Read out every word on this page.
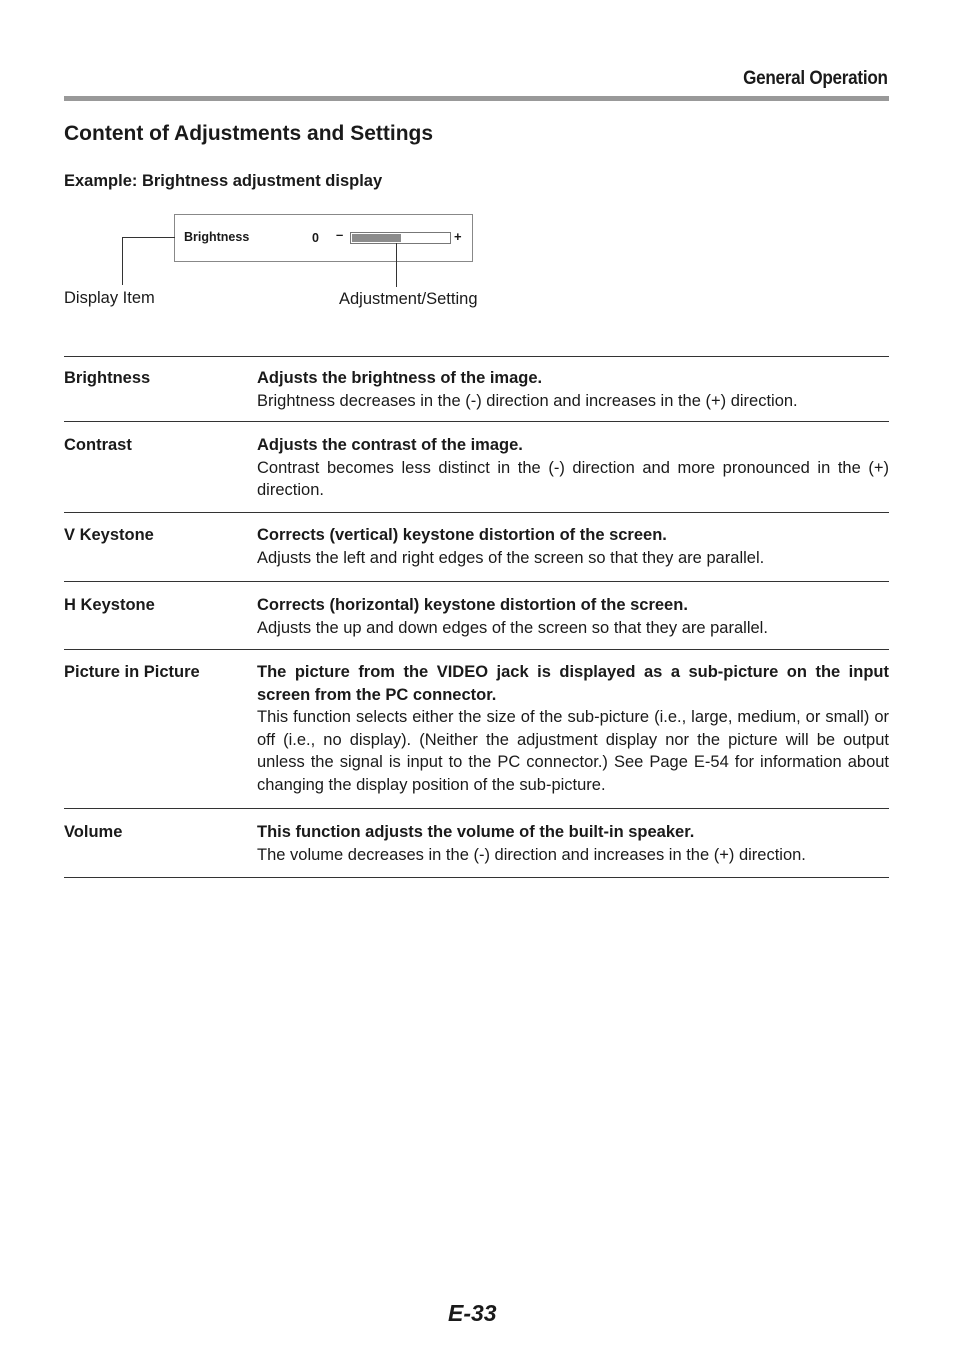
General Operation
Content of Adjustments and Settings
Example: Brightness adjustment display
Brightness	0 –	+
Display Item	Adjustment/Setting
Brightness	Adjusts the brightness of the image.
Brightness decreases in the (-) direction and increases in the (+) direction.
Contrast	Adjusts the contrast of the image.
Contrast becomes less distinct in the (-) direction and more pronounced in the (+) direction.
V Keystone	Corrects (vertical) keystone distortion of the screen.
Adjusts the left and right edges of the screen so that they are parallel.
H Keystone	Corrects (horizontal) keystone distortion of the screen.
Adjusts the up and down edges of the screen so that they are parallel.
Picture in Picture	The picture from the VIDEO jack is displayed as a sub-picture on the input screen from the PC connector.
This function selects either the size of the sub-picture (i.e., large, medium, or small) or off (i.e., no display). (Neither the adjustment display nor the picture will be output unless the signal is input to the PC connector.) See Page E-54 for information about changing the display position of the sub-picture.
Volume	This function adjusts the volume of the built-in speaker.
The volume decreases in the (-) direction and increases in the (+) direction.
E-33
